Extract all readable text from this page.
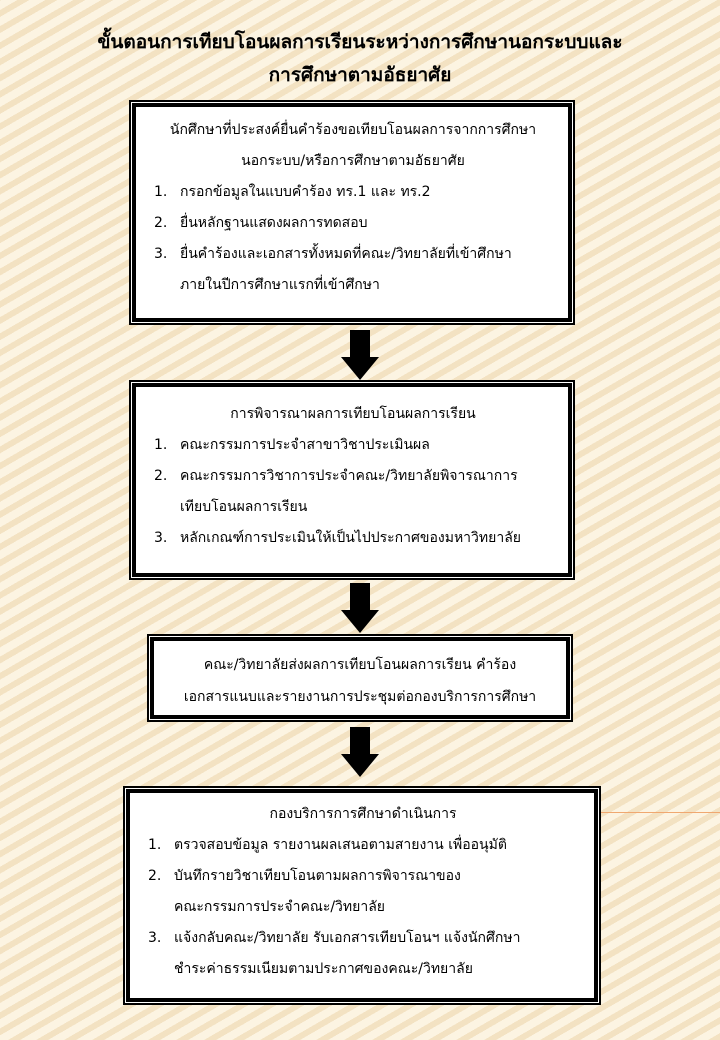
ขั้นตอนการเทียบโอนผลการเรียนระหว่างการศึกษานอกระบบและ
การศึกษาตามอัธยาศัย
นักศึกษาที่ประสงค์ยื่นคำร้องขอเทียบโอนผลการจากการศึกษา
นอกระบบ/หรือการศึกษาตามอัธยาศัย
1. กรอกข้อมูลในแบบคำร้อง ทร.1 และ ทร.2
2. ยื่นหลักฐานแสดงผลการทดสอบ
3. ยื่นคำร้องและเอกสารทั้งหมดที่คณะ/วิทยาลัยที่เข้าศึกษา
ภายในปีการศึกษาแรกที่เข้าศึกษา
การพิจารณาผลการเทียบโอนผลการเรียน
1. คณะกรรมการประจำสาขาวิชาประเมินผล
2. คณะกรรมการวิชาการประจำคณะ/วิทยาลัยพิจารณาการ
เทียบโอนผลการเรียน
3. หลักเกณฑ์การประเมินให้เป็นไปประกาศของมหาวิทยาลัย
คณะ/วิทยาลัยส่งผลการเทียบโอนผลการเรียน คำร้อง
เอกสารแนบและรายงานการประชุมต่อกองบริการการศึกษา
กองบริการการศึกษาดำเนินการ
1. ตรวจสอบข้อมูล รายงานผลเสนอตามสายงาน เพื่ออนุมัติ
2. บันทึกรายวิชาเทียบโอนตามผลการพิจารณาของ
คณะกรรมการประจำคณะ/วิทยาลัย
3. แจ้งกลับคณะ/วิทยาลัย รับเอกสารเทียบโอนฯ แจ้งนักศึกษา
ชำระค่าธรรมเนียมตามประกาศของคณะ/วิทยาลัย
